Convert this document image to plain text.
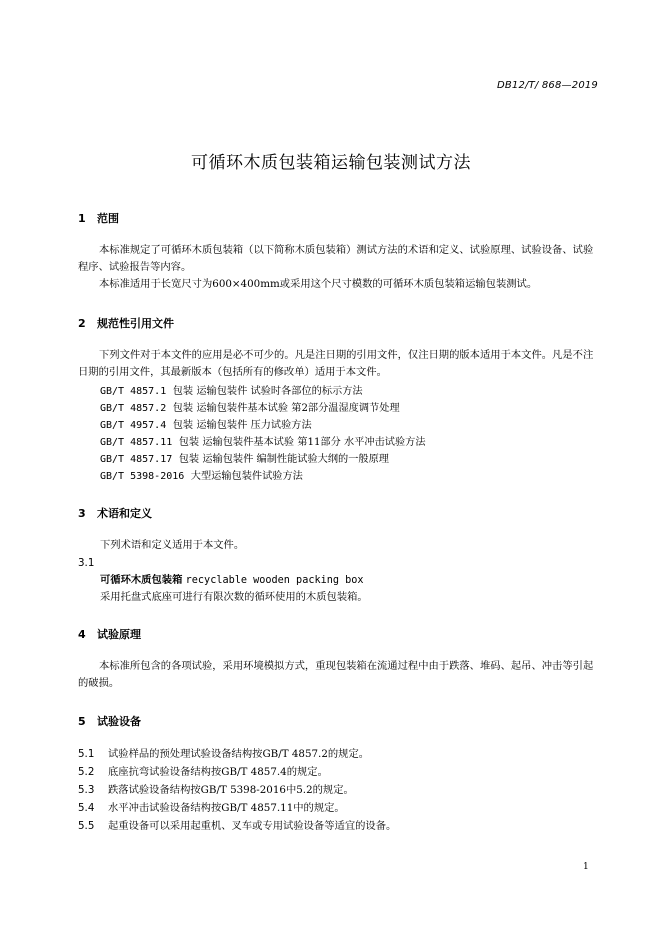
DB12/T/ 868—2019
可循环木质包装箱运输包装测试方法
1 范围

本标准规定了可循环木质包装箱（以下简称木质包装箱）测试方法的术语和定义、试验原理、试验设备、试验程序、试验报告等内容。

本标准适用于长宽尺寸为600×400mm或采用这个尺寸模数的可循环木质包装箱运输包装测试。

2 规范性引用文件

下列文件对于本文件的应用是必不可少的。凡是注日期的引用文件，仅注日期的版本适用于本文件。凡是不注日期的引用文件，其最新版本（包括所有的修改单）适用于本文件。

GB/T 4857.1 包装 运输包装件 试验时各部位的标示方法
GB/T 4857.2 包装 运输包装件基本试验 第2部分温湿度调节处理
GB/T 4957.4 包装 运输包装件 压力试验方法
GB/T 4857.11 包装 运输包装件基本试验 第11部分 水平冲击试验方法
GB/T 4857.17 包装 运输包装件 编制性能试验大纲的一般原理
GB/T 5398-2016 大型运输包装件试验方法
3 术语和定义
下列术语和定义适用于本文件。
3.1
可循环木质包装箱 recyclable wooden packing box
采用托盘式底座可进行有限次数的循环使用的木质包装箱。
4 试验原理

本标准所包含的各项试验，采用环境模拟方式，重现包装箱在流通过程中由于跌落、堆码、起吊、冲击等引起的破损。

5 试验设备
5.1 试验样品的预处理试验设备结构按GB/T 4857.2的规定。
5.2 底座抗弯试验设备结构按GB/T 4857.4的规定。
5.3 跌落试验设备结构按GB/T 5398-2016中5.2的规定。
5.4 水平冲击试验设备结构按GB/T 4857.11中的规定。
5.5 起重设备可以采用起重机、叉车或专用试验设备等适宜的设备。
1
